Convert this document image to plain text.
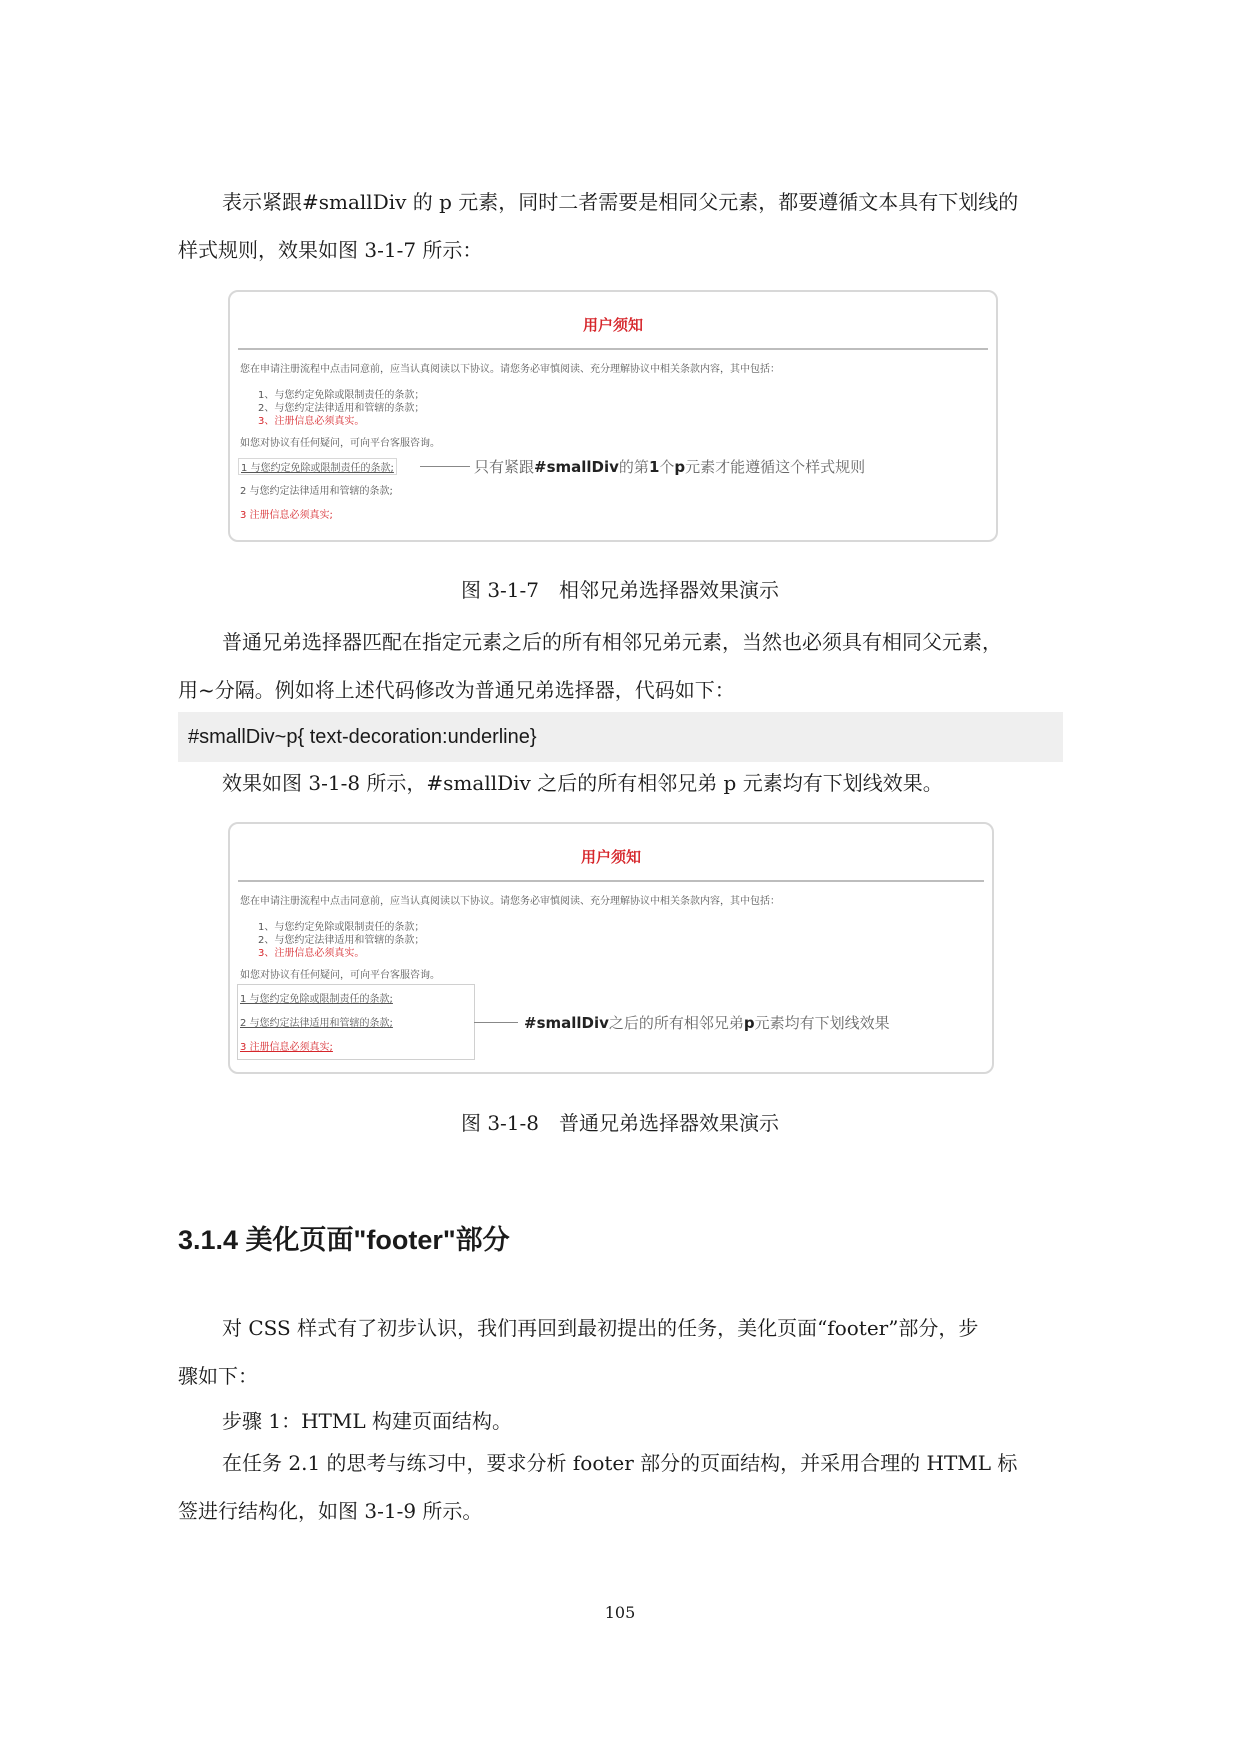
表示紧跟#smallDiv 的 p 元素，同时二者需要是相同父元素，都要遵循文本具有下划线的
样式规则，效果如图 3-1-7 所示：

用户须知
您在申请注册流程中点击同意前，应当认真阅读以下协议。请您务必审慎阅读、充分理解协议中相关条款内容，其中包括：
1、与您约定免除或限制责任的条款；
2、与您约定法律适用和管辖的条款；
3、注册信息必须真实。
如您对协议有任何疑问，可向平台客服咨询。
1 与您约定免除或限制责任的条款;
2 与您约定法律适用和管辖的条款;
3 注册信息必须真实;
只有紧跟#smallDiv的第1个p元素才能遵循这个样式规则
图 3-1-7　相邻兄弟选择器效果演示

普通兄弟选择器匹配在指定元素之后的所有相邻兄弟元素，当然也必须具有相同父元素，
用~分隔。例如将上述代码修改为普通兄弟选择器，代码如下：

#smallDiv~p{ text-decoration:underline}
效果如图 3-1-8 所示，#smallDiv 之后的所有相邻兄弟 p 元素均有下划线效果。
用户须知
您在申请注册流程中点击同意前，应当认真阅读以下协议。请您务必审慎阅读、充分理解协议中相关条款内容，其中包括：
1、与您约定免除或限制责任的条款；
2、与您约定法律适用和管辖的条款；
3、注册信息必须真实。
如您对协议有任何疑问，可向平台客服咨询。
1 与您约定免除或限制责任的条款;
2 与您约定法律适用和管辖的条款;
3 注册信息必须真实;
#smallDiv之后的所有相邻兄弟p元素均有下划线效果
图 3-1-8　普通兄弟选择器效果演示
3.1.4 美化页面"footer"部分

对 CSS 样式有了初步认识，我们再回到最初提出的任务，美化页面“footer”部分，步
骤如下：

步骤 1：HTML 构建页面结构。

在任务 2.1 的思考与练习中，要求分析 footer 部分的页面结构，并采用合理的 HTML 标
签进行结构化，如图 3-1-9 所示。

105
